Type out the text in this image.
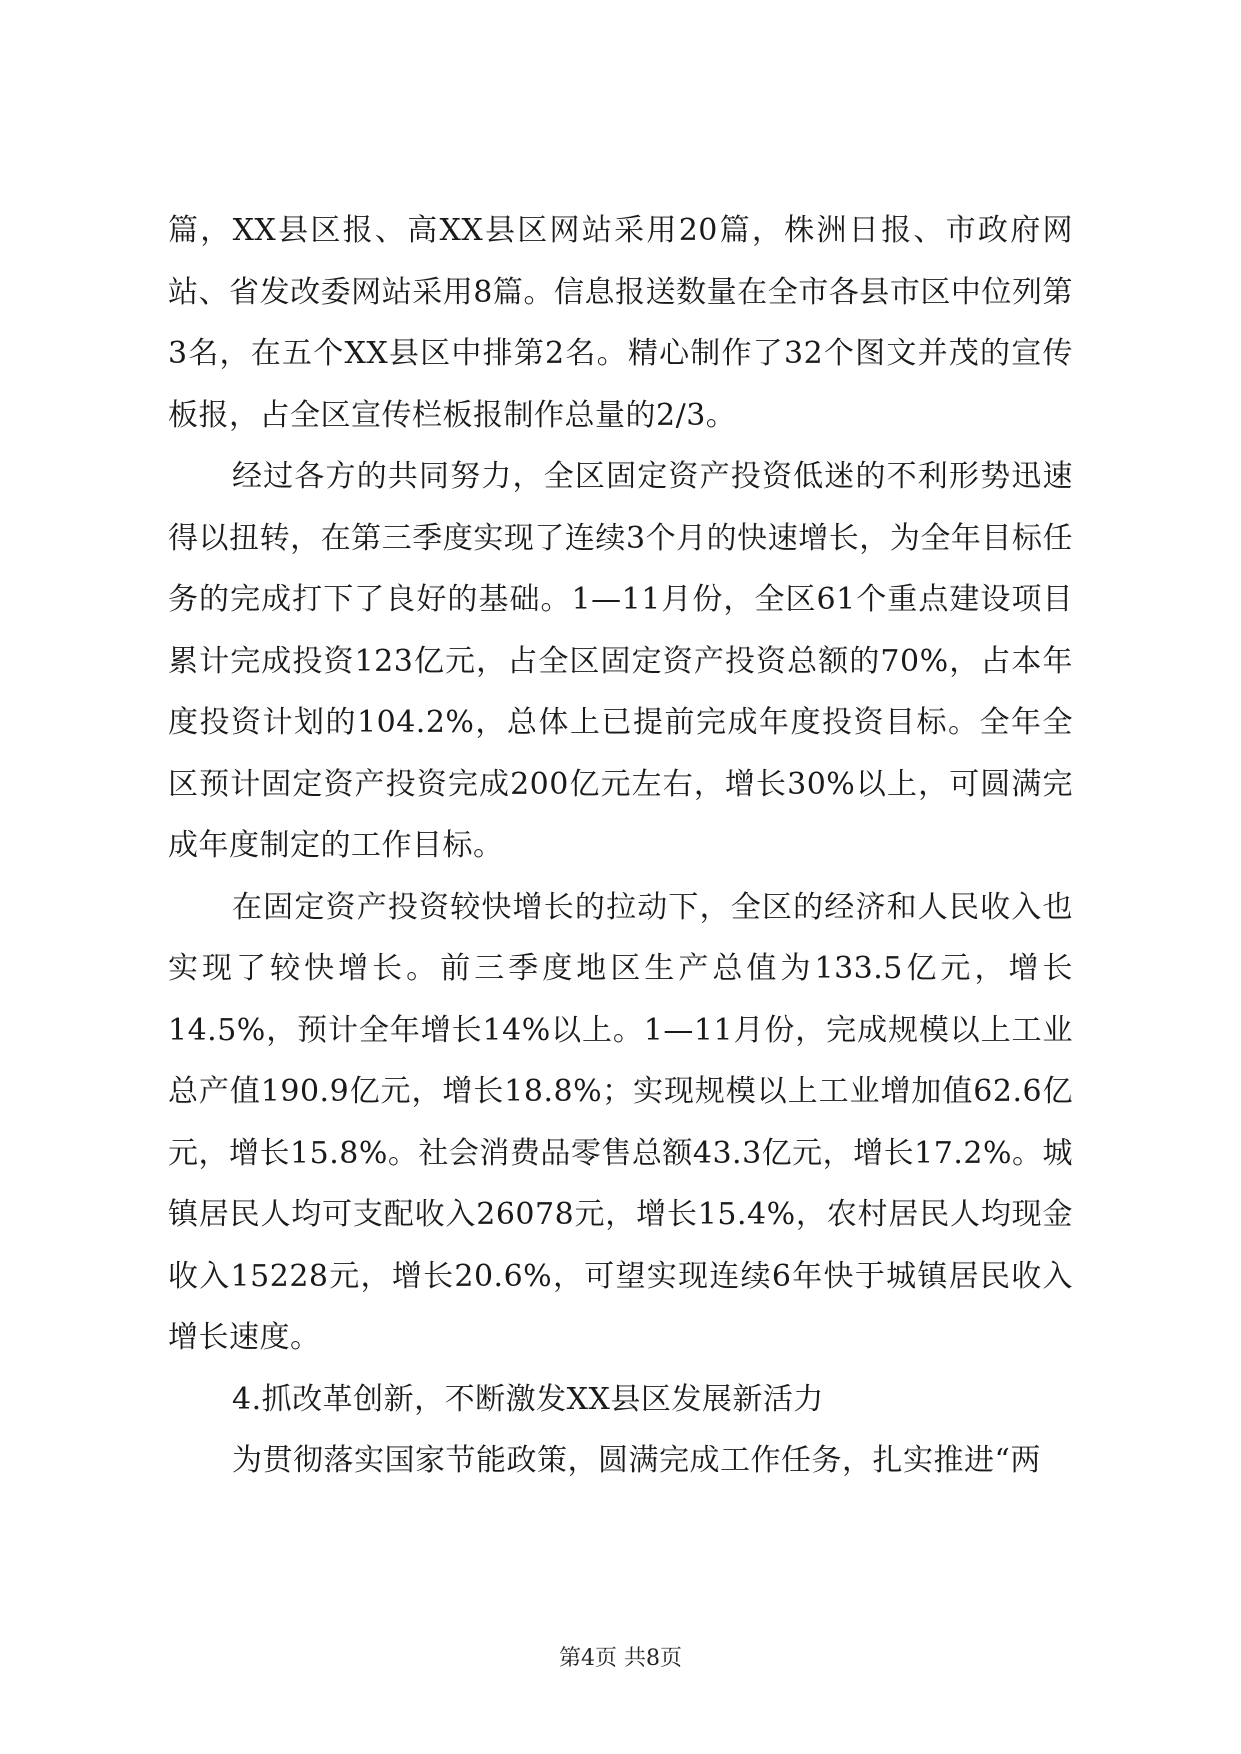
篇，XX县区报、高XX县区网站采用20篇，株洲日报、市政府网站、省发改委网站采用8篇。信息报送数量在全市各县市区中位列第3名，在五个XX县区中排第2名。精心制作了32个图文并茂的宣传板报，占全区宣传栏板报制作总量的2/3。

经过各方的共同努力，全区固定资产投资低迷的不利形势迅速得以扭转，在第三季度实现了连续3个月的快速增长，为全年目标任务的完成打下了良好的基础。1—11月份，全区61个重点建设项目累计完成投资123亿元，占全区固定资产投资总额的70%，占本年度投资计划的104.2%，总体上已提前完成年度投资目标。全年全区预计固定资产投资完成200亿元左右，增长30%以上，可圆满完成年度制定的工作目标。

在固定资产投资较快增长的拉动下，全区的经济和人民收入也实现了较快增长。前三季度地区生产总值为133.5亿元，增长14.5%，预计全年增长14%以上。1—11月份，完成规模以上工业总产值190.9亿元，增长18.8%；实现规模以上工业增加值62.6亿元，增长15.8%。社会消费品零售总额43.3亿元，增长17.2%。城镇居民人均可支配收入26078元，增长15.4%，农村居民人均现金收入15228元，增长20.6%，可望实现连续6年快于城镇居民收入增长速度。

4.抓改革创新，不断激发XX县区发展新活力

为贯彻落实国家节能政策，圆满完成工作任务，扎实推进“两

第4页 共8页
